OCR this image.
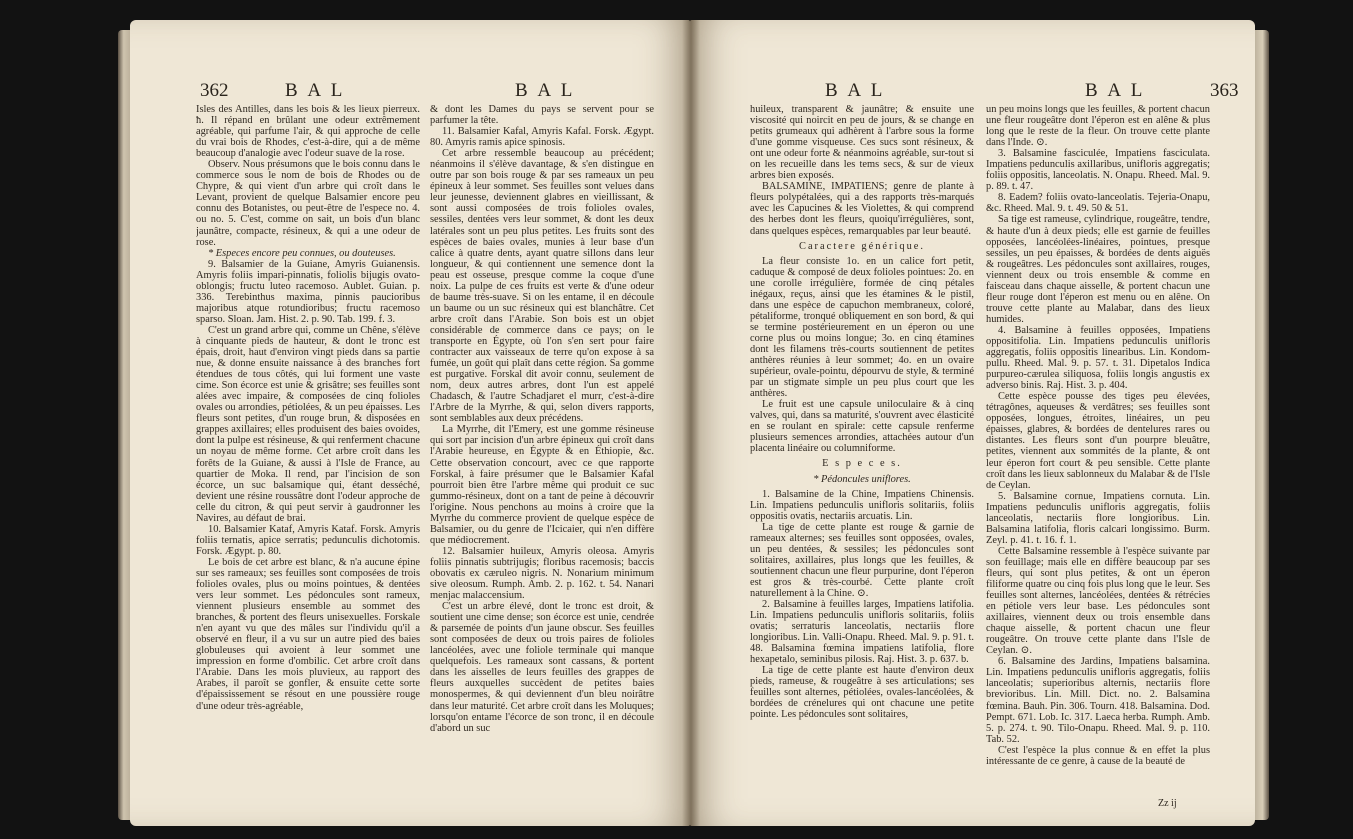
362	B A L	B A L

Isles des Antilles, dans les bois & les lieux pierreux. ħ. Il répand en brûlant une odeur extrêmement agréable, qui parfume l'air, & qui approche de celle du vrai bois de Rhodes, c'est-à-dire, qui a de même beaucoup d'analogie avec l'odeur suave de la rose.

Observ. Nous présumons que le bois connu dans le commerce sous le nom de bois de Rhodes ou de Chypre, & qui vient d'un arbre qui croît dans le Levant, provient de quelque Balsamier encore peu connu des Botanistes, ou peut-être de l'espece no. 4. ou no. 5. C'est, comme on sait, un bois d'un blanc jaunâtre, compacte, résineux, & qui a une odeur de rose.

* Especes encore peu connues, ou douteuses.

9. Balsamier de la Guiane, Amyris Guianensis. Amyris foliis impari-pinnatis, foliolis bijugis ovato-oblongis; fructu luteo racemoso. Aublet. Guian. p. 336. Terebinthus maxima, pinnis paucioribus majoribus atque rotundioribus; fructu racemoso sparso. Sloan. Jam. Hist. 2. p. 90. Tab. 199. f. 3.

C'est un grand arbre qui, comme un Chêne, s'élève à cinquante pieds de hauteur, & dont le tronc est épais, droit, haut d'environ vingt pieds dans sa partie nue, & donne ensuite naissance à des branches fort étendues de tous côtés, qui lui forment une vaste cime. Son écorce est unie & grisâtre; ses feuilles sont alées avec impaire, & composées de cinq folioles ovales ou arrondies, pétiolées, & un peu épaisses. Les fleurs sont petites, d'un rouge brun, & disposées en grappes axillaires; elles produisent des baies ovoides, dont la pulpe est résineuse, & qui renferment chacune un noyau de même forme. Cet arbre croît dans les forêts de la Guiane, & aussi à l'Isle de France, au quartier de Moka. Il rend, par l'incision de son écorce, un suc balsamique qui, étant desséché, devient une résine roussâtre dont l'odeur approche de celle du citron, & qui peut servir à gaudronner les Navires, au défaut de brai.

10. Balsamier Kataf, Amyris Kataf. Forsk. Amyris foliis ternatis, apice serratis; pedunculis dichotomis. Forsk. Ægypt. p. 80.

Le bois de cet arbre est blanc, & n'a aucune épine sur ses rameaux; ses feuilles sont composées de trois folioles ovales, plus ou moins pointues, & dentées vers leur sommet. Les pédoncules sont rameux, viennent plusieurs ensemble au sommet des branches, & portent des fleurs unisexuelles. Forskale n'en ayant vu que des mâles sur l'individu qu'il a observé en fleur, il a vu sur un autre pied des baies globuleuses qui avoient à leur sommet une impression en forme d'ombilic. Cet arbre croît dans l'Arabie. Dans les mois pluvieux, au rapport des Arabes, il paroît se gonfler, & ensuite cette sorte d'épaississement se résout en une poussière rouge d'une odeur très-agréable,

& dont les Dames du pays se servent pour se parfumer la tête.

11. Balsamier Kafal, Amyris Kafal. Forsk. Ægypt. 80. Amyris ramis apice spinosis.

Cet arbre ressemble beaucoup au précédent; néanmoins il s'élève davantage, & s'en distingue en outre par son bois rouge & par ses rameaux un peu épineux à leur sommet. Ses feuilles sont velues dans leur jeunesse, deviennent glabres en vieillissant, & sont aussi composées de trois folioles ovales, sessiles, dentées vers leur sommet, & dont les deux latérales sont un peu plus petites. Les fruits sont des espèces de baies ovales, munies à leur base d'un calice à quatre dents, ayant quatre sillons dans leur longueur, & qui contiennent une semence dont la peau est osseuse, presque comme la coque d'une noix. La pulpe de ces fruits est verte & d'une odeur de baume très-suave. Si on les entame, il en découle un baume ou un suc résineux qui est blanchâtre. Cet arbre croît dans l'Arabie. Son bois est un objet considérable de commerce dans ce pays; on le transporte en Égypte, où l'on s'en sert pour faire contracter aux vaisseaux de terre qu'on expose à sa fumée, un goût qui plaît dans cette région. Sa gomme est purgative. Forskal dit avoir connu, seulement de nom, deux autres arbres, dont l'un est appelé Chadasch, & l'autre Schadjaret el murr, c'est-à-dire l'Arbre de la Myrrhe, & qui, selon divers rapports, sont semblables aux deux précédens.

La Myrrhe, dit l'Emery, est une gomme résineuse qui sort par incision d'un arbre épineux qui croît dans l'Arabie heureuse, en Égypte & en Éthiopie, &c. Cette observation concourt, avec ce que rapporte Forskal, à faire présumer que le Balsamier Kafal pourroit bien être l'arbre même qui produit ce suc gummo-résineux, dont on a tant de peine à découvrir l'origine. Nous penchons au moins à croire que la Myrrhe du commerce provient de quelque espèce de Balsamier, ou du genre de l'Icicaier, qui n'en diffère que médiocrement.

12. Balsamier huileux, Amyris oleosa. Amyris foliis pinnatis subtrijugis; floribus racemosis; baccis obovatis ex cæruleo nigris. N. Nonarium minimum sive oleosum. Rumph. Amb. 2. p. 162. t. 54. Nanari menjac malaccensium.

C'est un arbre élevé, dont le tronc est droit, & soutient une cime dense; son écorce est unie, cendrée & parsemée de points d'un jaune obscur. Ses feuilles sont composées de deux ou trois paires de folioles lancéolées, avec une foliole terminale qui manque quelquefois. Les rameaux sont cassans, & portent dans les aisselles de leurs feuilles des grappes de fleurs auxquelles succèdent de petites baies monospermes, & qui deviennent d'un bleu noirâtre dans leur maturité. Cet arbre croît dans les Moluques; lorsqu'on entame l'écorce de son tronc, il en découle d'abord un suc

B A L	B A L	363

huileux, transparent & jaunâtre; & ensuite une viscosité qui noircit en peu de jours, & se change en petits grumeaux qui adhèrent à l'arbre sous la forme d'une gomme visqueuse. Ces sucs sont résineux, & ont une odeur forte & néanmoins agréable, sur-tout si on les recueille dans les tems secs, & sur de vieux arbres bien exposés.

BALSAMINE, IMPATIENS; genre de plante à fleurs polypétalées, qui a des rapports très-marqués avec les Capucines & les Violettes, & qui comprend des herbes dont les fleurs, quoiqu'irrégulières, sont, dans quelques espèces, remarquables par leur beauté.

Caractere générique.

La fleur consiste 1o. en un calice fort petit, caduque & composé de deux folioles pointues: 2o. en une corolle irrégulière, formée de cinq pétales inégaux, reçus, ainsi que les étamines & le pistil, dans une espèce de capuchon membraneux, coloré, pétaliforme, tronqué obliquement en son bord, & qui se termine postérieurement en un éperon ou une corne plus ou moins longue; 3o. en cinq étamines dont les filamens très-courts soutiennent de petites anthères réunies à leur sommet; 4o. en un ovaire supérieur, ovale-pointu, dépourvu de style, & terminé par un stigmate simple un peu plus court que les anthères.

Le fruit est une capsule uniloculaire & à cinq valves, qui, dans sa maturité, s'ouvrent avec élasticité en se roulant en spirale: cette capsule renferme plusieurs semences arrondies, attachées autour d'un placenta linéaire ou columniforme.

E s p e c e s.

* Pédoncules uniflores.

1. Balsamine de la Chine, Impatiens Chinensis. Lin. Impatiens pedunculis unifloris solitariis, foliis oppositis ovatis, nectariis arcuatis. Lin.

La tige de cette plante est rouge & garnie de rameaux alternes; ses feuilles sont opposées, ovales, un peu dentées, & sessiles; les pédoncules sont solitaires, axillaires, plus longs que les feuilles, & soutiennent chacun une fleur purpurine, dont l'éperon est gros & très-courbé. Cette plante croît naturellement à la Chine. ⊙.

2. Balsamine à feuilles larges, Impatiens latifolia. Lin. Impatiens pedunculis unifloris solitariis, foliis ovatis; serraturis lanceolatis, nectariis flore longioribus. Lin. Valli-Onapu. Rheed. Mal. 9. p. 91. t. 48. Balsamina fœmina impatiens latifolia, flore hexapetalo, seminibus pilosis. Raj. Hist. 3. p. 637. b.

La tige de cette plante est haute d'environ deux pieds, rameuse, & rougeâtre à ses articulations; ses feuilles sont alternes, pétiolées, ovales-lancéolées, & bordées de crénelures qui ont chacune une petite pointe. Les pédoncules sont solitaires,

un peu moins longs que les feuilles, & portent chacun une fleur rougeâtre dont l'éperon est en alêne & plus long que le reste de la fleur. On trouve cette plante dans l'Inde. ⊙.

3. Balsamine fasciculée, Impatiens fasciculata. Impatiens pedunculis axillaribus, unifloris aggregatis; foliis oppositis, lanceolatis. N. Onapu. Rheed. Mal. 9. p. 89. t. 47.

8. Eadem? foliis ovato-lanceolatis. Tejeria-Onapu, &c. Rheed. Mal. 9. t. 49. 50 & 51.

Sa tige est rameuse, cylindrique, rougeâtre, tendre, & haute d'un à deux pieds; elle est garnie de feuilles opposées, lancéolées-linéaires, pointues, presque sessiles, un peu épaisses, & bordées de dents aiguës & rougeâtres. Les pédoncules sont axillaires, rouges, viennent deux ou trois ensemble & comme en faisceau dans chaque aisselle, & portent chacun une fleur rouge dont l'éperon est menu ou en alêne. On trouve cette plante au Malabar, dans des lieux humides.

4. Balsamine à feuilles opposées, Impatiens oppositifolia. Lin. Impatiens pedunculis unifloris aggregatis, foliis oppositis linearibus. Lin. Kondom-pullu. Rheed. Mal. 9. p. 57. t. 31. Dipetalos Indica purpureo-cærulea siliquosa, foliis longis angustis ex adverso binis. Raj. Hist. 3. p. 404.

Cette espèce pousse des tiges peu élevées, tétragônes, aqueuses & verdâtres; ses feuilles sont opposées, longues, étroites, linéaires, un peu épaisses, glabres, & bordées de dentelures rares ou distantes. Les fleurs sont d'un pourpre bleuâtre, petites, viennent aux sommités de la plante, & ont leur éperon fort court & peu sensible. Cette plante croît dans les lieux sablonneux du Malabar & de l'Isle de Ceylan.

5. Balsamine cornue, Impatiens cornuta. Lin. Impatiens pedunculis unifloris aggregatis, foliis lanceolatis, nectariis flore longioribus. Lin. Balsamina latifolia, floris calcari longissimo. Burm. Zeyl. p. 41. t. 16. f. 1.

Cette Balsamine ressemble à l'espèce suivante par son feuillage; mais elle en diffère beaucoup par ses fleurs, qui sont plus petites, & ont un éperon filiforme quatre ou cinq fois plus long que le leur. Ses feuilles sont alternes, lancéolées, dentées & rétrécies en pétiole vers leur base. Les pédoncules sont axillaires, viennent deux ou trois ensemble dans chaque aisselle, & portent chacun une fleur rougeâtre. On trouve cette plante dans l'Isle de Ceylan. ⊙.

6. Balsamine des Jardins, Impatiens balsamina. Lin. Impatiens pedunculis unifloris aggregatis, foliis lanceolatis; superioribus alternis, nectariis flore brevioribus. Lin. Mill. Dict. no. 2. Balsamina fœmina. Bauh. Pin. 306. Tourn. 418. Balsamina. Dod. Pempt. 671. Lob. Ic. 317. Laeca herba. Rumph. Amb. 5. p. 274. t. 90. Tilo-Onapu. Rheed. Mal. 9. p. 110. Tab. 52.

C'est l'espèce la plus connue & en effet la plus intéressante de ce genre, à cause de la beauté de

Zz ij
